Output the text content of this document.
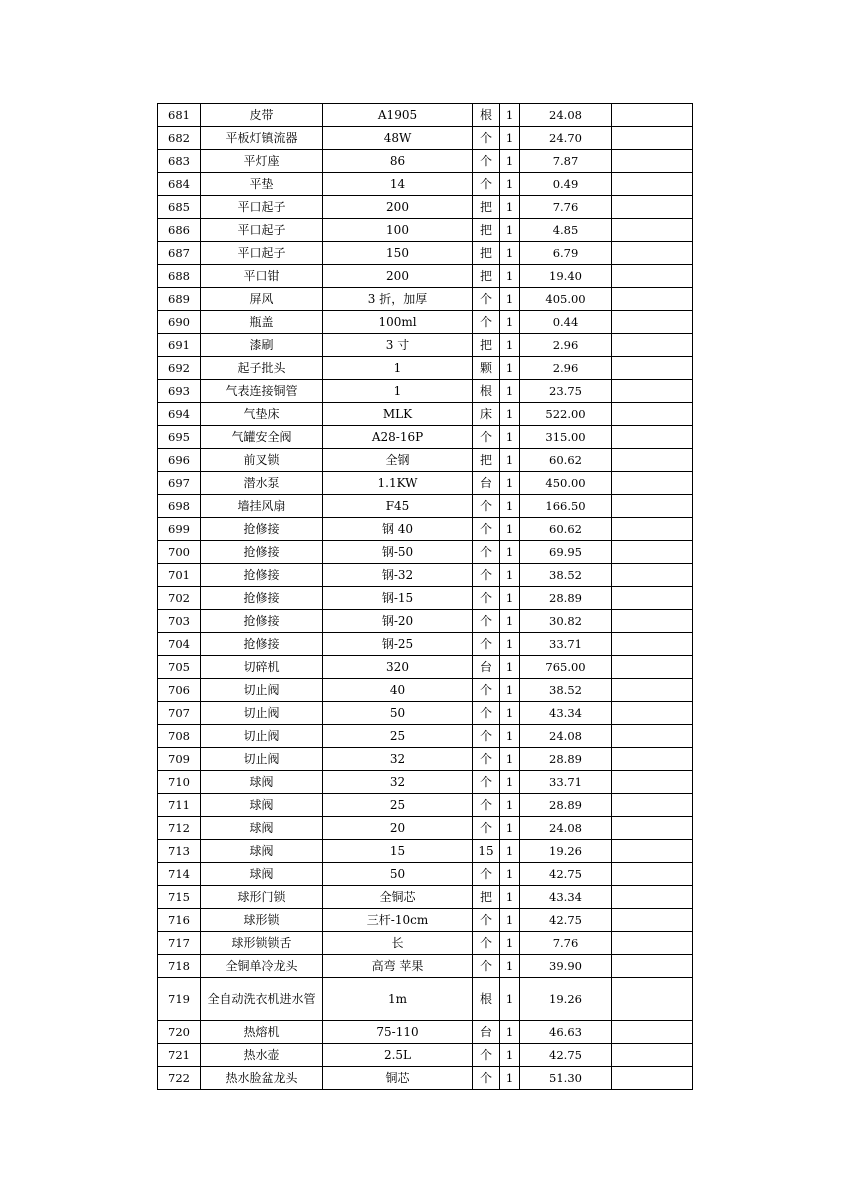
681	皮带	A1905	根	1	24.08	
682	平板灯镇流器	48W	个	1	24.70	
683	平灯座	86	个	1	7.87	
684	平垫	14	个	1	0.49	
685	平口起子	200	把	1	7.76	
686	平口起子	100	把	1	4.85	
687	平口起子	150	把	1	6.79	
688	平口钳	200	把	1	19.40	
689	屏风	3 折，加厚	个	1	405.00	
690	瓶盖	100ml	个	1	0.44	
691	漆刷	3 寸	把	1	2.96	
692	起子批头	1	颗	1	2.96	
693	气表连接铜管	1	根	1	23.75	
694	气垫床	MLK	床	1	522.00	
695	气罐安全阀	A28-16P	个	1	315.00	
696	前叉锁	全钢	把	1	60.62	
697	潜水泵	1.1KW	台	1	450.00	
698	墙挂风扇	F45	个	1	166.50	
699	抢修接	钢 40	个	1	60.62	
700	抢修接	钢-50	个	1	69.95	
701	抢修接	钢-32	个	1	38.52	
702	抢修接	钢-15	个	1	28.89	
703	抢修接	钢-20	个	1	30.82	
704	抢修接	钢-25	个	1	33.71	
705	切碎机	320	台	1	765.00	
706	切止阀	40	个	1	38.52	
707	切止阀	50	个	1	43.34	
708	切止阀	25	个	1	24.08	
709	切止阀	32	个	1	28.89	
710	球阀	32	个	1	33.71	
711	球阀	25	个	1	28.89	
712	球阀	20	个	1	24.08	
713	球阀	15	15	1	19.26	
714	球阀	50	个	1	42.75	
715	球形门锁	全铜芯	把	1	43.34	
716	球形锁	三杆-10cm	个	1	42.75	
717	球形锁锁舌	长	个	1	7.76	
718	全铜单冷龙头	高弯 苹果	个	1	39.90	
719	全自动洗衣机进水管	1m	根	1	19.26	
720	热熔机	75-110	台	1	46.63	
721	热水壶	2.5L	个	1	42.75	
722	热水脸盆龙头	铜芯	个	1	51.30	
